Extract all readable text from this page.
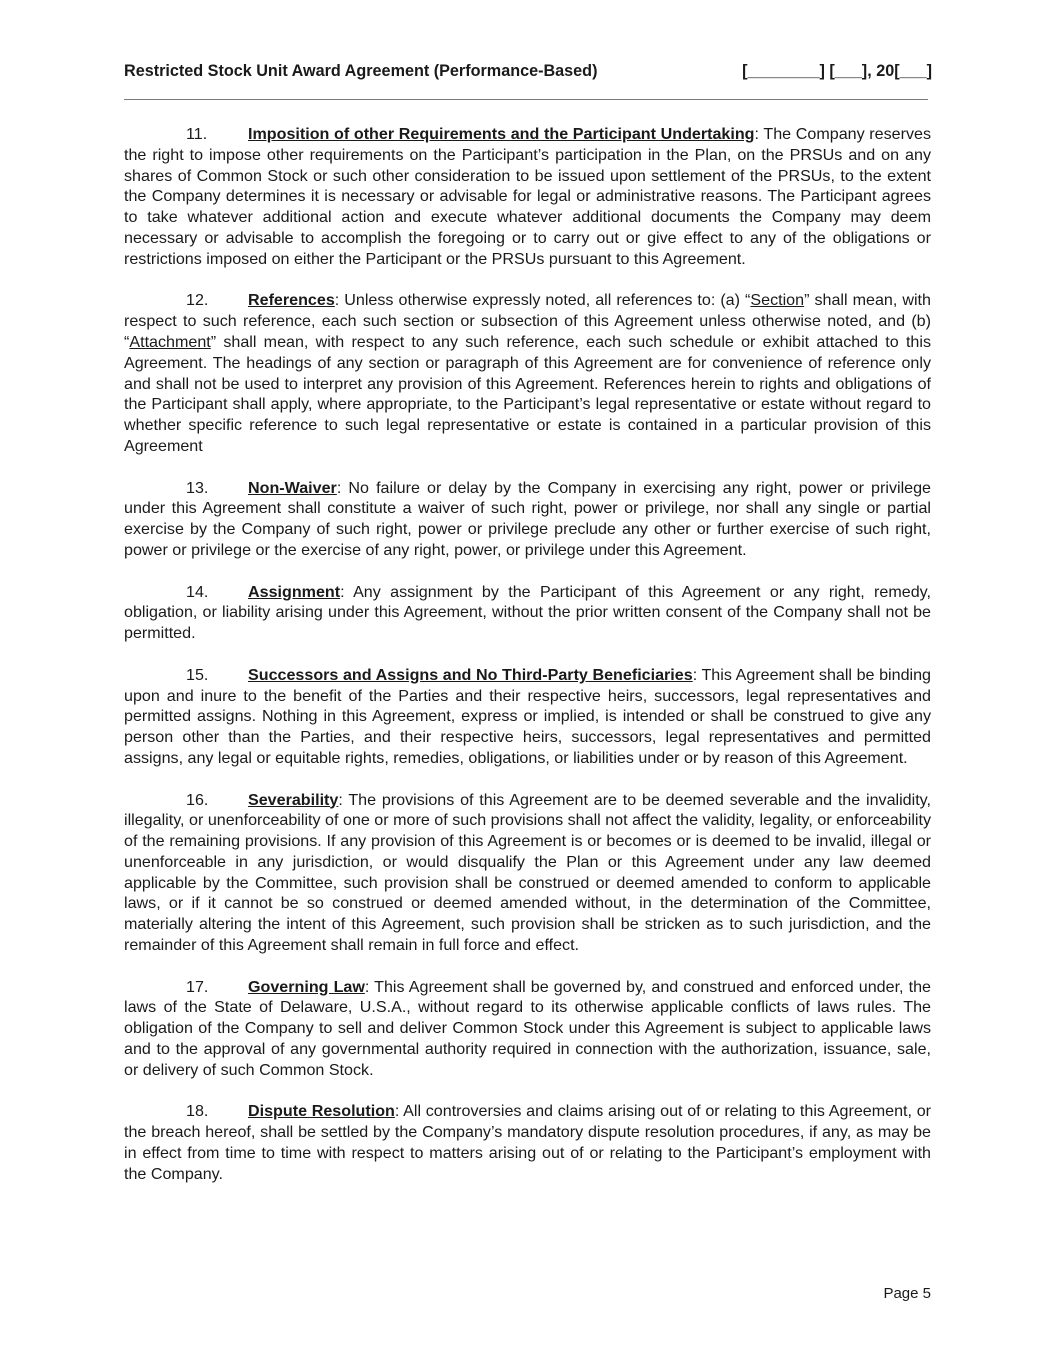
Restricted Stock Unit Award Agreement (Performance-Based)	[________] [___], 20[___]

11.	Imposition of other Requirements and the Participant Undertaking: The Company reserves the right to impose other requirements on the Participant’s participation in the Plan, on the PRSUs and on any shares of Common Stock or such other consideration to be issued upon settlement of the PRSUs, to the extent the Company determines it is necessary or advisable for legal or administrative reasons. The Participant agrees to take whatever additional action and execute whatever additional documents the Company may deem necessary or advisable to accomplish the foregoing or to carry out or give effect to any of the obligations or restrictions imposed on either the Participant or the PRSUs pursuant to this Agreement.

12. References: Unless otherwise expressly noted, all references to: (a) “Section” shall mean, with respect to such reference, each such section or subsection of this Agreement unless otherwise noted, and (b) “Attachment” shall mean, with respect to any such reference, each such schedule or exhibit attached to this Agreement. The headings of any section or paragraph of this Agreement are for convenience of reference only and shall not be used to interpret any provision of this Agreement. References herein to rights and obligations of the Participant shall apply, where appropriate, to the Participant’s legal representative or estate without regard to whether specific reference to such legal representative or estate is contained in a particular provision of this Agreement

13. Non-Waiver: No failure or delay by the Company in exercising any right, power or privilege under this Agreement shall constitute a waiver of such right, power or privilege, nor shall any single or partial exercise by the Company of such right, power or privilege preclude any other or further exercise of such right, power or privilege or the exercise of any right, power, or privilege under this Agreement.

14. Assignment: Any assignment by the Participant of this Agreement or any right, remedy, obligation, or liability arising under this Agreement, without the prior written consent of the Company shall not be permitted.

15. Successors and Assigns and No Third-Party Beneficiaries: This Agreement shall be binding upon and inure to the benefit of the Parties and their respective heirs, successors, legal representatives and permitted assigns. Nothing in this Agreement, express or implied, is intended or shall be construed to give any person other than the Parties, and their respective heirs, successors, legal representatives and permitted assigns, any legal or equitable rights, remedies, obligations, or liabilities under or by reason of this Agreement.

16. Severability: The provisions of this Agreement are to be deemed severable and the invalidity, illegality, or unenforceability of one or more of such provisions shall not affect the validity, legality, or enforceability of the remaining provisions. If any provision of this Agreement is or becomes or is deemed to be invalid, illegal or unenforceable in any jurisdiction, or would disqualify the Plan or this Agreement under any law deemed applicable by the Committee, such provision shall be construed or deemed amended to conform to applicable laws, or if it cannot be so construed or deemed amended without, in the determination of the Committee, materially altering the intent of this Agreement, such provision shall be stricken as to such jurisdiction, and the remainder of this Agreement shall remain in full force and effect.

17. Governing Law: This Agreement shall be governed by, and construed and enforced under, the laws of the State of Delaware, U.S.A., without regard to its otherwise applicable conflicts of laws rules. The obligation of the Company to sell and deliver Common Stock under this Agreement is subject to applicable laws and to the approval of any governmental authority required in connection with the authorization, issuance, sale, or delivery of such Common Stock.

18. Dispute Resolution: All controversies and claims arising out of or relating to this Agreement, or the breach hereof, shall be settled by the Company’s mandatory dispute resolution procedures, if any, as may be in effect from time to time with respect to matters arising out of or relating to the Participant’s employment with the Company.

Page 5
